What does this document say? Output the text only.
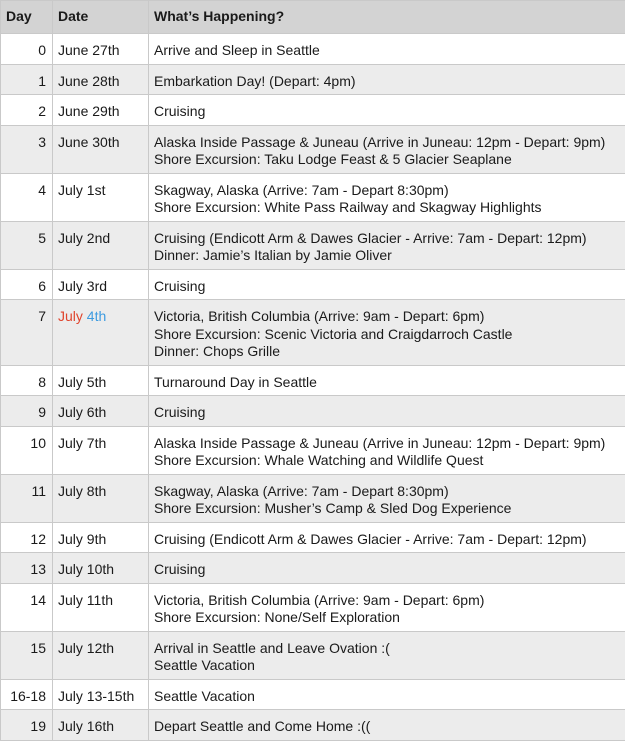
Day	Date	What’s Happening?
0	June 27th	Arrive and Sleep in Seattle

1	June 28th	Embarkation Day! (Depart: 4pm)

2	June 29th	Cruising

3	June 30th	Alaska Inside Passage & Juneau (Arrive in Juneau: 12pm - Depart: 9pm)
Shore Excursion: Taku Lodge Feast & 5 Glacier Seaplane

4	July 1st	Skagway, Alaska (Arrive: 7am - Depart 8:30pm)
Shore Excursion: White Pass Railway and Skagway Highlights

5	July 2nd	Cruising (Endicott Arm & Dawes Glacier - Arrive: 7am - Depart: 12pm)
Dinner: Jamie’s Italian by Jamie Oliver

6	July 3rd	Cruising

7	July 4th	Victoria, British Columbia (Arrive: 9am - Depart: 6pm)
Shore Excursion: Scenic Victoria and Craigdarroch Castle
Dinner: Chops Grille

8	July 5th	Turnaround Day in Seattle

9	July 6th	Cruising

10	July 7th	Alaska Inside Passage & Juneau (Arrive in Juneau: 12pm - Depart: 9pm)
Shore Excursion: Whale Watching and Wildlife Quest

11	July 8th	Skagway, Alaska (Arrive: 7am - Depart 8:30pm)
Shore Excursion: Musher’s Camp & Sled Dog Experience

12	July 9th	Cruising (Endicott Arm & Dawes Glacier - Arrive: 7am - Depart: 12pm)

13	July 10th	Cruising

14	July 11th	Victoria, British Columbia (Arrive: 9am - Depart: 6pm)
Shore Excursion: None/Self Exploration

15	July 12th	Arrival in Seattle and Leave Ovation :(
Seattle Vacation

16-18	July 13-15th	Seattle Vacation

19	July 16th	Depart Seattle and Come Home :((
